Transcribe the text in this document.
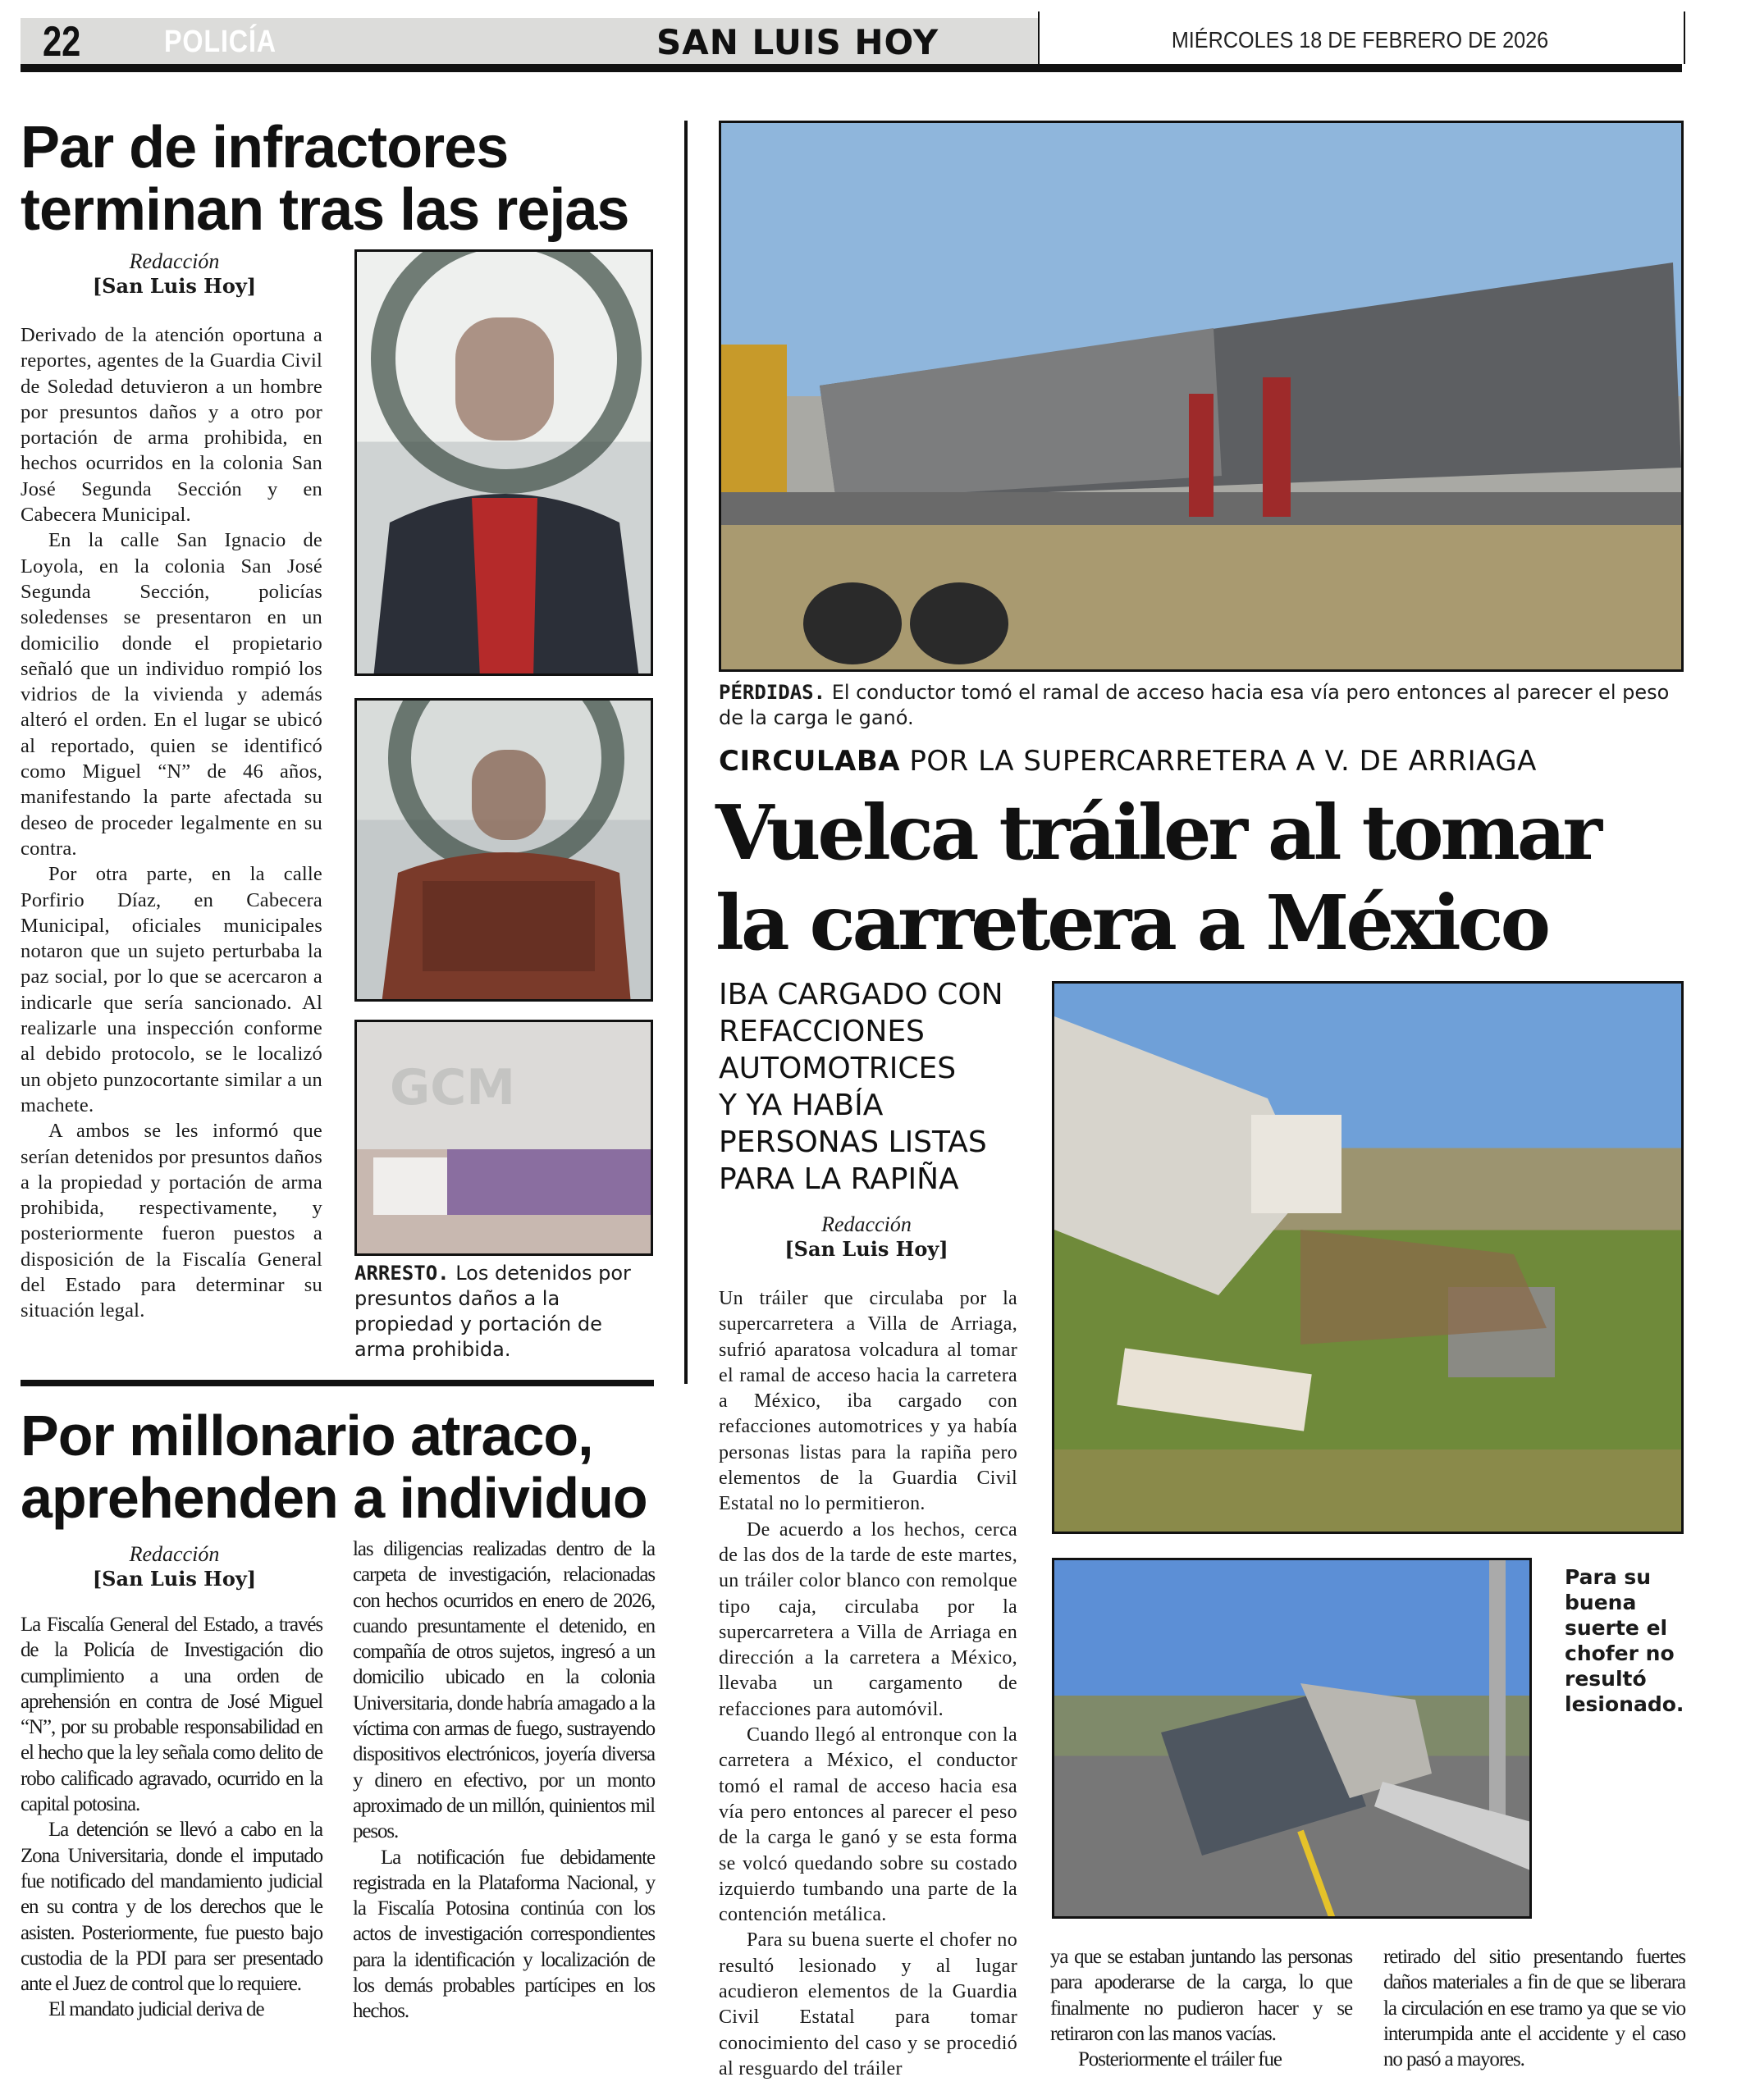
22	POLICÍA	SAN LUIS HOY	MIÉRCOLES 18 DE FEBRERO DE 2026
Par de infractores terminan tras las rejas
Redacción
[San Luis Hoy]

Derivado de la atención oportuna a reportes, agentes de la Guardia Civil de Soledad detuvieron a un hombre por presuntos daños y a otro por portación de arma prohibida, en hechos ocurridos en la colonia San José Segunda Sección y en Cabecera Municipal.

En la calle San Ignacio de Loyola, en la colonia San José Segunda Sección, policías soledenses se presentaron en un domicilio donde el propietario señaló que un individuo rompió los vidrios de la vivienda y además alteró el orden. En el lugar se ubicó al reportado, quien se identificó como Miguel “N” de 46 años, manifestando la parte afectada su deseo de proceder legalmente en su contra.

Por otra parte, en la calle Porfirio Díaz, en Cabecera Municipal, oficiales municipales notaron que un sujeto perturbaba la paz social, por lo que se acercaron a indicarle que sería sancionado. Al realizarle una inspección conforme al debido protocolo, se le localizó un objeto punzocortante similar a un machete.

A ambos se les informó que serían detenidos por presuntos daños a la propiedad y portación de arma prohibida, respectivamente, y posteriormente fueron puestos a disposición de la Fiscalía General del Estado para determinar su situación legal.

GCM
ARRESTO. Los detenidos por presuntos daños a la propiedad y portación de arma prohibida.
Por millonario atraco, aprehenden a individuo
Redacción
[San Luis Hoy]

La Fiscalía General del Estado, a través de la Policía de Investigación dio cumplimiento a una orden de aprehensión en contra de José Miguel “N”, por su probable responsabilidad en el hecho que la ley señala como delito de robo calificado agravado, ocurrido en la capital potosina.

La detención se llevó a cabo en la Zona Universitaria, donde el imputado fue notificado del mandamiento judicial en su contra y de los derechos que le asisten. Posteriormente, fue puesto bajo custodia de la PDI para ser presentado ante el Juez de control que lo requiere.

El mandato judicial deriva de

las diligencias realizadas dentro de la carpeta de investigación, relacionadas con hechos ocurridos en enero de 2026, cuando presuntamente el detenido, en compañía de otros sujetos, ingresó a un domicilio ubicado en la colonia Universitaria, donde habría amagado a la víctima con armas de fuego, sustrayendo dispositivos electrónicos, joyería diversa y dinero en efectivo, por un monto aproximado de un millón, quinientos mil pesos.

La notificación fue debidamente registrada en la Plataforma Nacional, y la Fiscalía Potosina continúa con los actos de investigación correspondientes para la identificación y localización de los demás probables partícipes en los hechos.

PÉRDIDAS. El conductor tomó el ramal de acceso hacia esa vía pero entonces al parecer el peso de la carga le ganó.
CIRCULABA POR LA SUPERCARRETERA A V. DE ARRIAGA
Vuelca tráiler al tomar
la carretera a México
IBA CARGADO CON
REFACCIONES
AUTOMOTRICES
Y YA HABÍA
PERSONAS LISTAS
PARA LA RAPIÑA
Redacción
[San Luis Hoy]

Un tráiler que circulaba por la supercarretera a Villa de Arriaga, sufrió aparatosa volcadura al tomar el ramal de acceso hacia la carretera a México, iba cargado con refacciones automotrices y ya había personas listas para la rapiña pero elementos de la Guardia Civil Estatal no lo permitieron.

De acuerdo a los hechos, cerca de las dos de la tarde de este martes, un tráiler color blanco con remolque tipo caja, circulaba por la supercarretera a Villa de Arriaga en dirección a la carretera a México, llevaba un cargamento de refacciones para automóvil.

Cuando llegó al entronque con la carretera a México, el conductor tomó el ramal de acceso hacia esa vía pero entonces al parecer el peso de la carga le ganó y se esta forma se volcó quedando sobre su costado izquierdo tumbando una parte de la contención metálica.

Para su buena suerte el chofer no resultó lesionado y al lugar acudieron elementos de la Guardia Civil Estatal para tomar conocimiento del caso y se procedió al resguardo del tráiler

Para su buena suerte el chofer no resultó lesionado.

ya que se estaban juntando las personas para apoderarse de la carga, lo que finalmente no pudieron hacer y se retiraron con las manos vacías.

Posteriormente el tráiler fue

retirado del sitio presentando fuertes daños materiales a fin de que se liberara la circulación en ese tramo ya que se vio interumpida ante el accidente y el caso no pasó a mayores.
